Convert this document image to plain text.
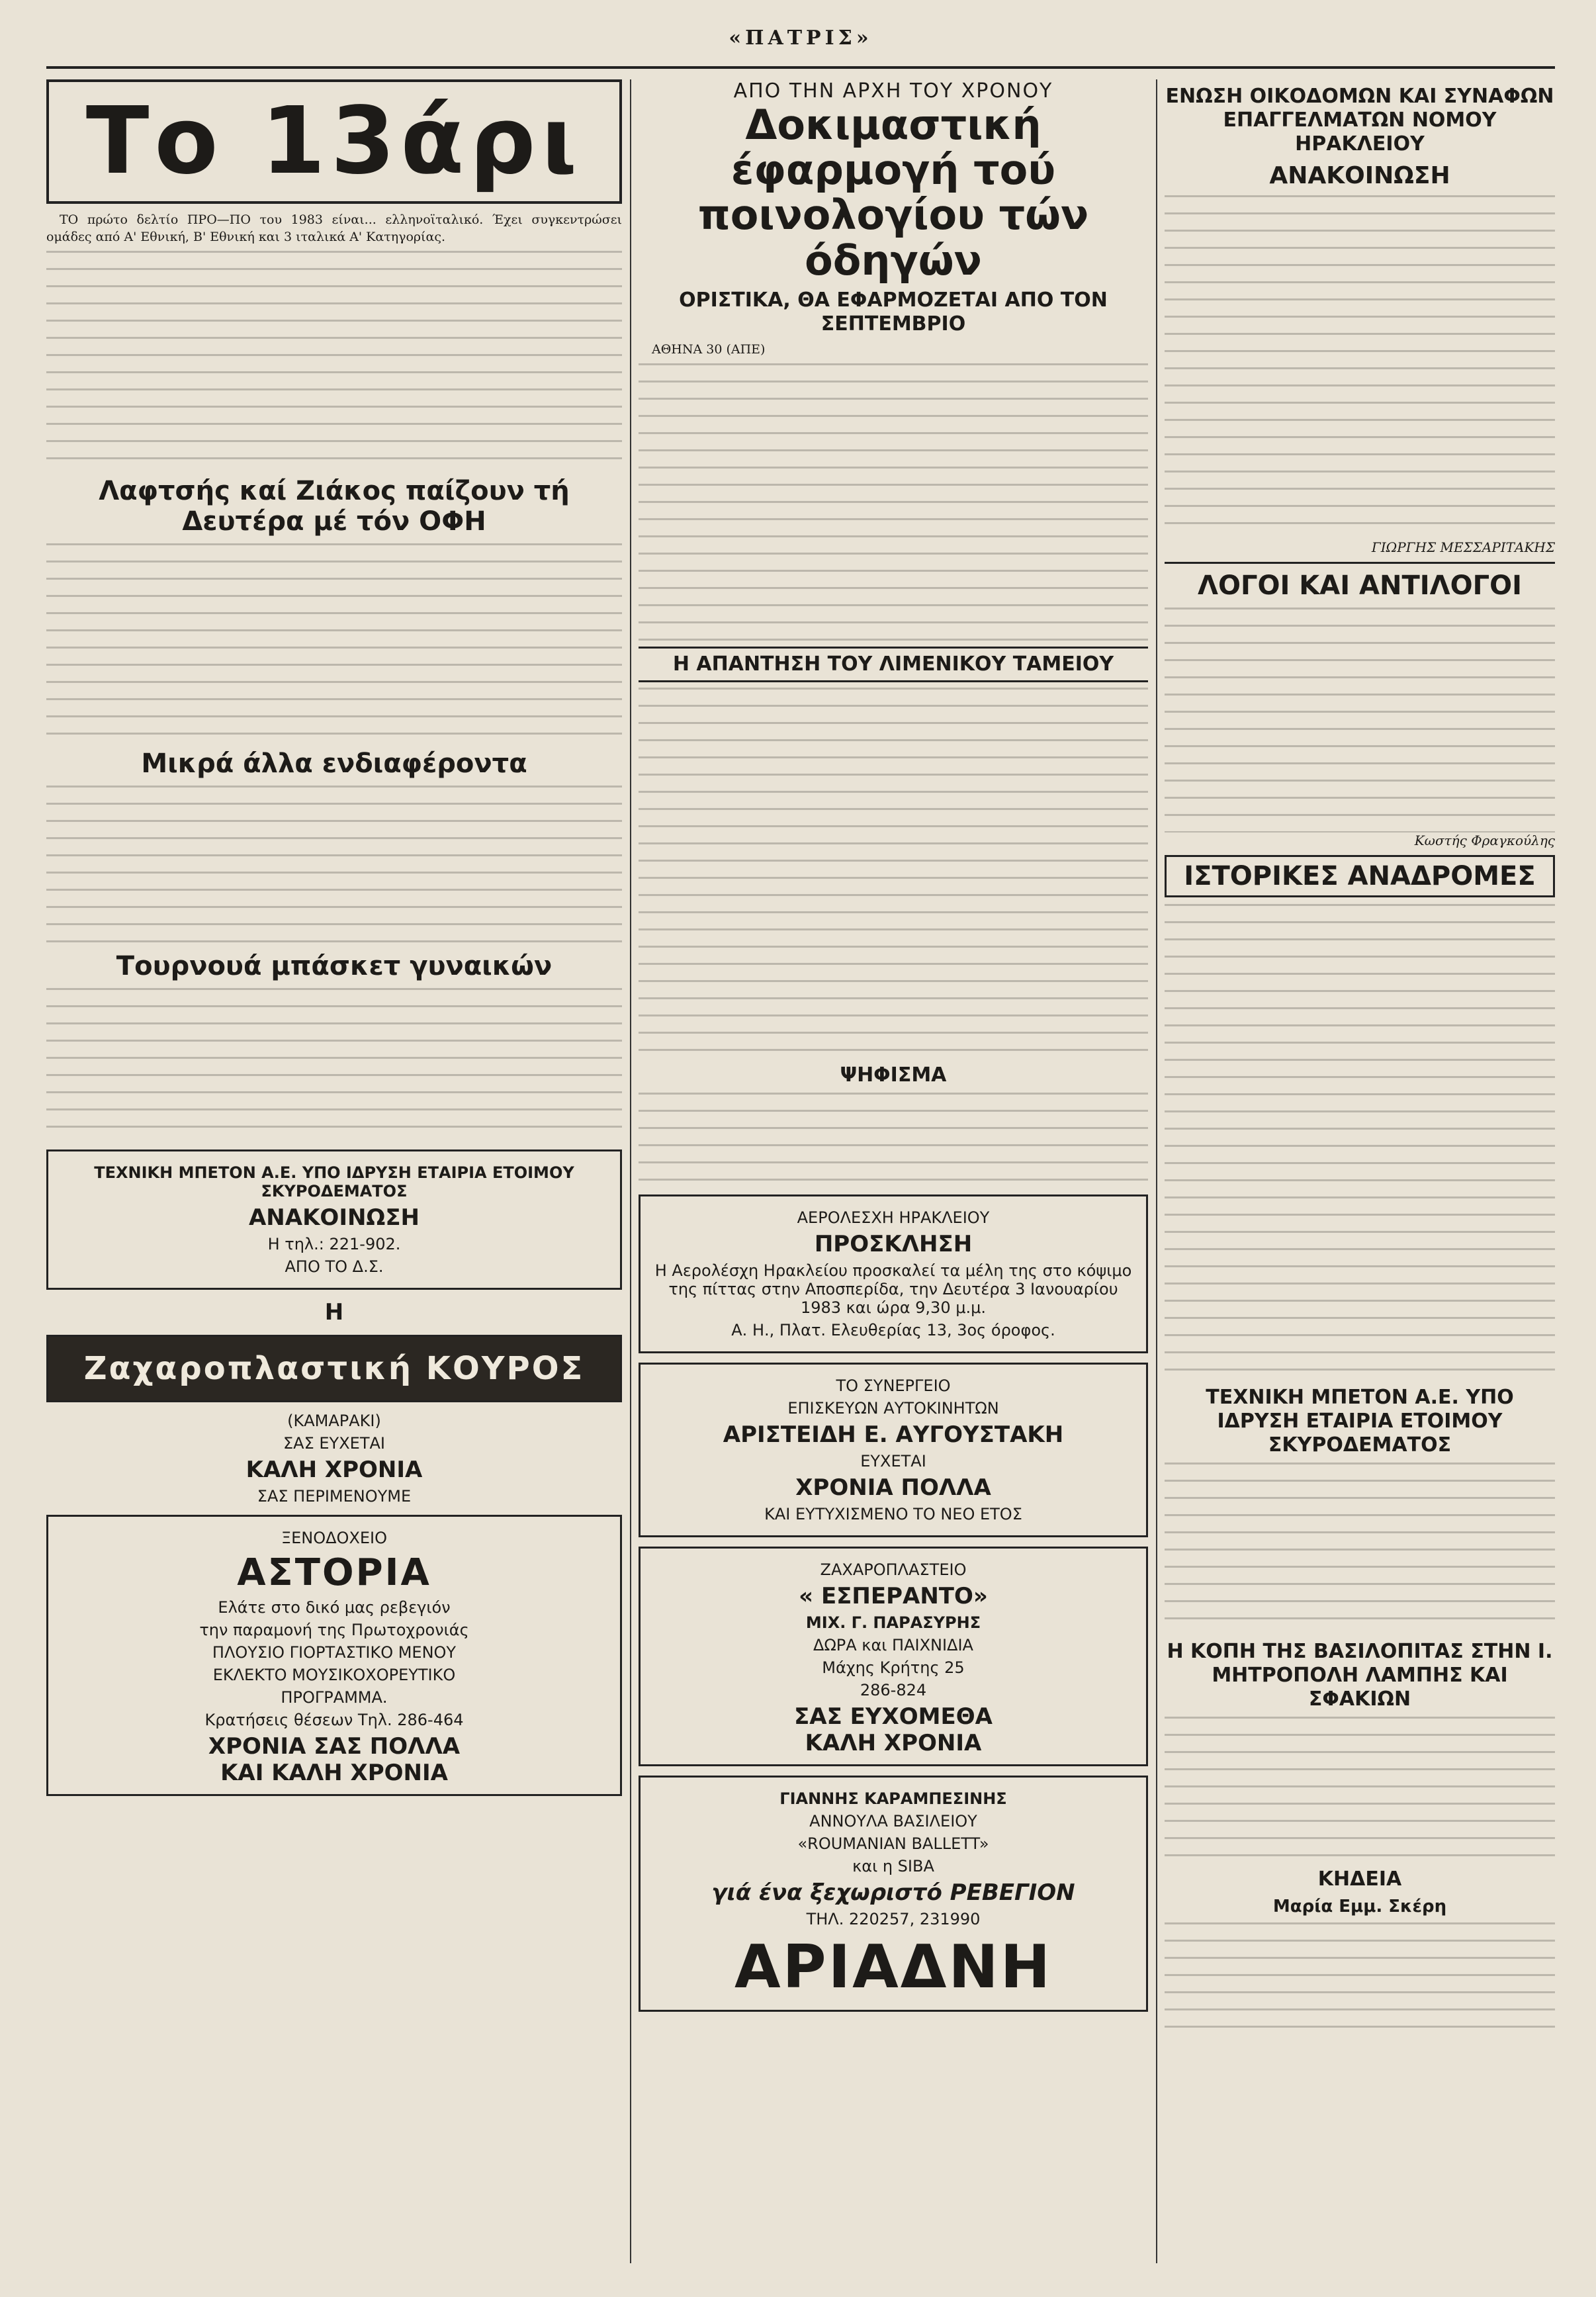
«ΠΑΤΡΙΣ»
Το 13άρι

ΤΟ πρώτο δελτίο ΠΡΟ—ΠΟ του 1983 είναι... ελληνοϊταλικό. Έχει συγκεντρώσει ομάδες από Α' Εθνική, Β' Εθνική και 3 ιταλικά Α' Κατηγορίας.

Λαφτσής καί Ζιάκος παίζουν τή Δευτέρα μέ τόν ΟΦΗ
Μικρά άλλα ενδιαφέροντα
Τουρνουά μπάσκετ γυναικών
ΤΕΧΝΙΚΗ ΜΠΕΤΟΝ Α.Ε. ΥΠΟ ΙΔΡΥΣΗ ΕΤΑΙΡΙΑ ΕΤΟΙΜΟΥ ΣΚΥΡΟΔΕΜΑΤΟΣ
ΑΝΑΚΟΙΝΩΣΗ
Η τηλ.: 221-902.
ΑΠΟ ΤΟ Δ.Σ.
Η
Ζαχαροπλαστική ΚΟΥΡΟΣ
(ΚΑΜΑΡΑΚΙ)
ΣΑΣ ΕΥΧΕΤΑΙ
ΚΑΛΗ ΧΡΟΝΙΑ
ΣΑΣ ΠΕΡΙΜΕΝΟΥΜΕ
ΞΕΝΟΔΟΧΕΙΟ
ΑΣΤΟΡΙΑ
Ελάτε στο δικό μας ρεβεγιόν
την παραμονή της Πρωτοχρονιάς
ΠΛΟΥΣΙΟ ΓΙΟΡΤΑΣΤΙΚΟ ΜΕΝΟΥ
ΕΚΛΕΚΤΟ ΜΟΥΣΙΚΟΧΟΡΕΥΤΙΚΟ
ΠΡΟΓΡΑΜΜΑ.
Κρατήσεις θέσεων Τηλ. 286-464
ΧΡΟΝΙΑ ΣΑΣ ΠΟΛΛΑ
ΚΑΙ ΚΑΛΗ ΧΡΟΝΙΑ
ΑΠΟ ΤΗΝ ΑΡΧΗ ΤΟΥ ΧΡΟΝΟΥ
Δοκιμαστική έφαρμογή τού ποινολογίου τών όδηγών
ΟΡΙΣΤΙΚΑ, ΘΑ ΕΦΑΡΜΟΖΕΤΑΙ ΑΠΟ ΤΟΝ ΣΕΠΤΕΜΒΡΙΟ

ΑΘΗΝΑ 30 (ΑΠΕ)

Η ΑΠΑΝΤΗΣΗ ΤΟΥ ΛΙΜΕΝΙΚΟΥ ΤΑΜΕΙΟΥ
ΨΗΦΙΣΜΑ
ΑΕΡΟΛΕΣΧΗ ΗΡΑΚΛΕΙΟΥ
ΠΡΟΣΚΛΗΣΗ
Η Αερολέσχη Ηρακλείου προσκαλεί τα μέλη της στο κόψιμο της πίττας στην Αποσπερίδα, την Δευτέρα 3 Ιανουαρίου 1983 και ώρα 9,30 μ.μ.
Α. Η., Πλατ. Ελευθερίας 13, 3ος όροφος.
ΤΟ ΣΥΝΕΡΓΕΙΟ
ΕΠΙΣΚΕΥΩΝ ΑΥΤΟΚΙΝΗΤΩΝ
ΑΡΙΣΤΕΙΔΗ Ε. ΑΥΓΟΥΣΤΑΚΗ
ΕΥΧΕΤΑΙ
ΧΡΟΝΙΑ ΠΟΛΛΑ
ΚΑΙ ΕΥΤΥΧΙΣΜΕΝΟ ΤΟ ΝΕΟ ΕΤΟΣ
ΖΑΧΑΡΟΠΛΑΣΤΕΙΟ
« ΕΣΠΕΡΑΝΤΟ»
ΜΙΧ. Γ. ΠΑΡΑΣΥΡΗΣ
ΔΩΡΑ και ΠΑΙΧΝΙΔΙΑ
Μάχης Κρήτης 25
286-824
ΣΑΣ ΕΥΧΟΜΕΘΑ
ΚΑΛΗ ΧΡΟΝΙΑ
ΓΙΑΝΝΗΣ ΚΑΡΑΜΠΕΣΙΝΗΣ
ΑΝΝΟΥΛΑ ΒΑΣΙΛΕΙΟΥ
«ROUMANIAN BALLETT»
και η SIBA
γιά ένα ξεχωριστό ΡΕΒΕΓΙΟΝ
ΤΗΛ. 220257, 231990
ΑΡΙΑΔΝΗ
ΕΝΩΣΗ ΟΙΚΟΔΟΜΩΝ ΚΑΙ ΣΥΝΑΦΩΝ ΕΠΑΓΓΕΛΜΑΤΩΝ ΝΟΜΟΥ ΗΡΑΚΛΕΙΟΥ
ΑΝΑΚΟΙΝΩΣΗ
ΓΙΩΡΓΗΣ ΜΕΣΣΑΡΙΤΑΚΗΣ
ΛΟΓΟΙ ΚΑΙ ΑΝΤΙΛΟΓΟΙ
Κωστής Φραγκούλης
ΙΣΤΟΡΙΚΕΣ ΑΝΑΔΡΟΜΕΣ
ΤΕΧΝΙΚΗ ΜΠΕΤΟΝ Α.Ε. ΥΠΟ ΙΔΡΥΣΗ ΕΤΑΙΡΙΑ ΕΤΟΙΜΟΥ ΣΚΥΡΟΔΕΜΑΤΟΣ
Η ΚΟΠΗ ΤΗΣ ΒΑΣΙΛΟΠΙΤΑΣ ΣΤΗΝ Ι. ΜΗΤΡΟΠΟΛΗ ΛΑΜΠΗΣ ΚΑΙ ΣΦΑΚΙΩΝ
ΚΗΔΕΙΑ
Μαρία Εμμ. Σκέρη
